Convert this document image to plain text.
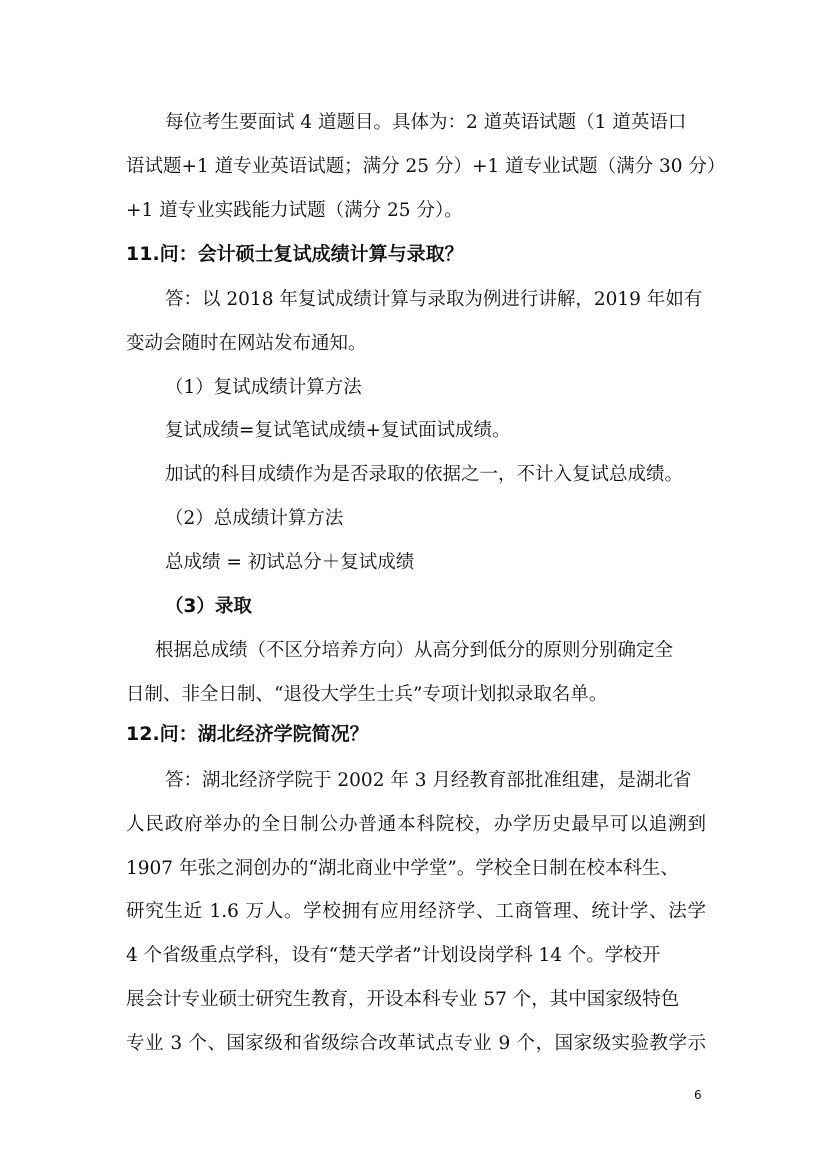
每位考生要面试 4 道题目。具体为：2 道英语试题（1 道英语口
语试题+1 道专业英语试题；满分 25 分）+1 道专业试题（满分 30 分）
+1 道专业实践能力试题（满分 25 分）。
11.问：会计硕士复试成绩计算与录取？
答：以 2018 年复试成绩计算与录取为例进行讲解，2019 年如有
变动会随时在网站发布通知。
（1）复试成绩计算方法
复试成绩=复试笔试成绩+复试面试成绩。
加试的科目成绩作为是否录取的依据之一，不计入复试总成绩。
（2）总成绩计算方法
总成绩 = 初试总分＋复试成绩
（3）录取
根据总成绩（不区分培养方向）从高分到低分的原则分别确定全
日制、非全日制、“退役大学生士兵”专项计划拟录取名单。
12.问：湖北经济学院简况？
答：湖北经济学院于 2002 年 3 月经教育部批准组建，是湖北省
人民政府举办的全日制公办普通本科院校，办学历史最早可以追溯到
1907 年张之洞创办的“湖北商业中学堂”。学校全日制在校本科生、
研究生近 1.6 万人。学校拥有应用经济学、工商管理、统计学、法学
4 个省级重点学科，设有“楚天学者”计划设岗学科 14 个。学校开
展会计专业硕士研究生教育，开设本科专业 57 个，其中国家级特色
专业 3 个、国家级和省级综合改革试点专业 9 个，国家级实验教学示
6
